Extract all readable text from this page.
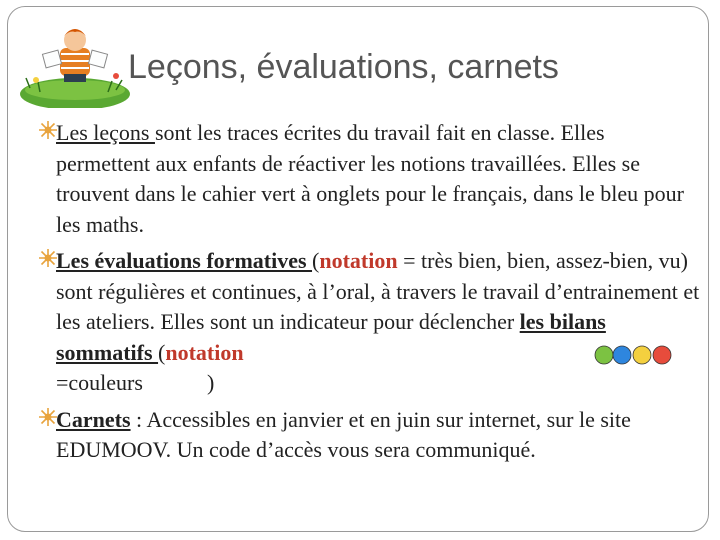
Leçons, évaluations, carnets

Les leçons sont les traces écrites du travail fait en classe. Elles permettent aux enfants de réactiver les notions travaillées. Elles se trouvent dans le cahier vert à onglets pour le français, dans le bleu pour les maths.

Les évaluations formatives (notation = très bien, bien, assez-bien, vu) sont régulières et continues, à l’oral, à travers le travail d’entrainement et les ateliers. Elles sont un indicateur pour déclencher les bilans sommatifs (notation
=couleurs	)

Carnets : Accessibles en janvier et en juin sur internet, sur le site EDUMOOV. Un code d’accès vous sera communiqué.
